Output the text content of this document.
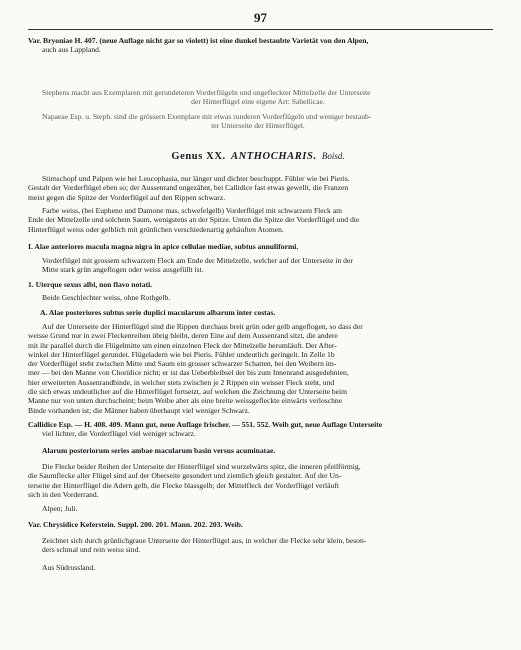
97
Var. Bryoniae H. 407. (neue Auflage nicht gar so violett) ist eine dunkel bestaubte Varietät von den Alpen,
auch aus Lappland.
Stephens macht aus Exemplaren mit gerundeteren Vorderflügeln und ungefleckter Mittelzelle der Unterseite
der Hinterflügel eine eigene Art: Sabellicae.
Napaeae Esp. u. Steph. sind die grössern Exemplare mit etwas runderen Vorderflügeln und weniger bestaub-
ter Unterseite der Hinterflügel.
Genus XX. ANTHOCHARIS. Boisd.
Stirnschopf und Palpen wie bei Leucophasia, nur länger und dichter beschuppt. Fühler wie bei Pieris.
Gestalt der Vorderflügel eben so; der Aussenrand ungezähnt, bei Callidice fast etwas gewellt, die Franzen
meist gegen die Spitze der Vorderflügel auf den Rippen schwarz.
Farbe weiss, (bei Eupheno und Damone mas. schwefelgelb) Vorderflügel mit schwarzem Fleck am
Ende der Mittelzelle und solchem Saum, wenigstens an der Spitze. Unten die Spitze der Vorderflügel und die
Hinterflügel weiss oder gelblich mit grünlichen verschiedenartig gehäuften Atomen.
I. Alae anteriores macula magna nigra in apice cellulae mediae, subtus annuliformi.
Vorderflügel mit grossem schwarzem Fleck am Ende der Mittelzelle, welcher auf der Unterseite in der
Mitte stark grün angeflogen oder weiss ausgefüllt ist.
1. Uterque sexus albi, non flavo notati.
Beide Geschlechter weiss, ohne Rothgelb.
A. Alae posteriores subtus serie duplici macularum albarum inter costas.
Auf der Unterseite der Hinterflügel sind die Rippen durchaus breit grün oder gelb angeflogen, so dass der
weisse Grund nur in zwei Fleckenreihen übrig bleibt, deren Eine auf dem Aussenrand sitzt, die andere
mit ihr parallel durch die Flügelmitte um einen einzelnen Fleck der Mittelzelle herumläuft. Der After-
winkel der Hinterflügel gerundet. Flügeladern wie bei Pieris. Fühler undeutlich geringelt. In Zelle 1b
der Vorderflügel steht zwischen Mitte und Saum ein grosser schwarzer Schatten, bei den Weibern im-
mer — bei den Manne von Chorídice nicht; er ist das Ueberbleibsel der bis zum Innenrand ausgedehnten,
hier erweiterten Aussenrandbinde, in welcher stets zwischen je 2 Rippen ein weisser Fleck steht, und
die sich etwas undeutlicher auf die Hinterflügel fortsetzt, auf welchen die Zeichnung der Unterseite beim
Manne nur von unten durchscheint; beim Weibe aber als eine breite weissgefleckte einwärts verloschne
Binde vorhanden ist; die Männer haben überhaupt viel weniger Schwarz.
Callidice Esp. — H. 408. 409. Mann gut, neue Auflage frischer. — 551. 552. Weib gut, neue Auflage Unterseite
viel lichter, die Vorderflügel viel weniger schwarz.
Alarum posteriorum series ambae macularum basin versus acuminatae.
Die Flecke beider Reihen der Unterseite der Hinterflügel sind wurzelwärts spitz, die inneren pfeilförmig,
die Saumflecke aller Flügel sind auf der Oberseite gesondert und ziemlich gleich gestaltet. Auf der Un-
terseite der Hinterflügel die Adern gelb, die Flecke blassgelb; der Mittelfleck der Vorderflügel verläuft
sich in den Vorderrand.
Alpen; Juli.
Var. Chrysidice Keferstein. Suppl. 200. 201. Mann. 202. 203. Weib.
Zeichnet sich durch grünlichgraue Unterseite der Hinterflügel aus, in welcher die Flecke sehr klein, beson-
ders schmal und rein weiss sind.
Aus Südrussland.
